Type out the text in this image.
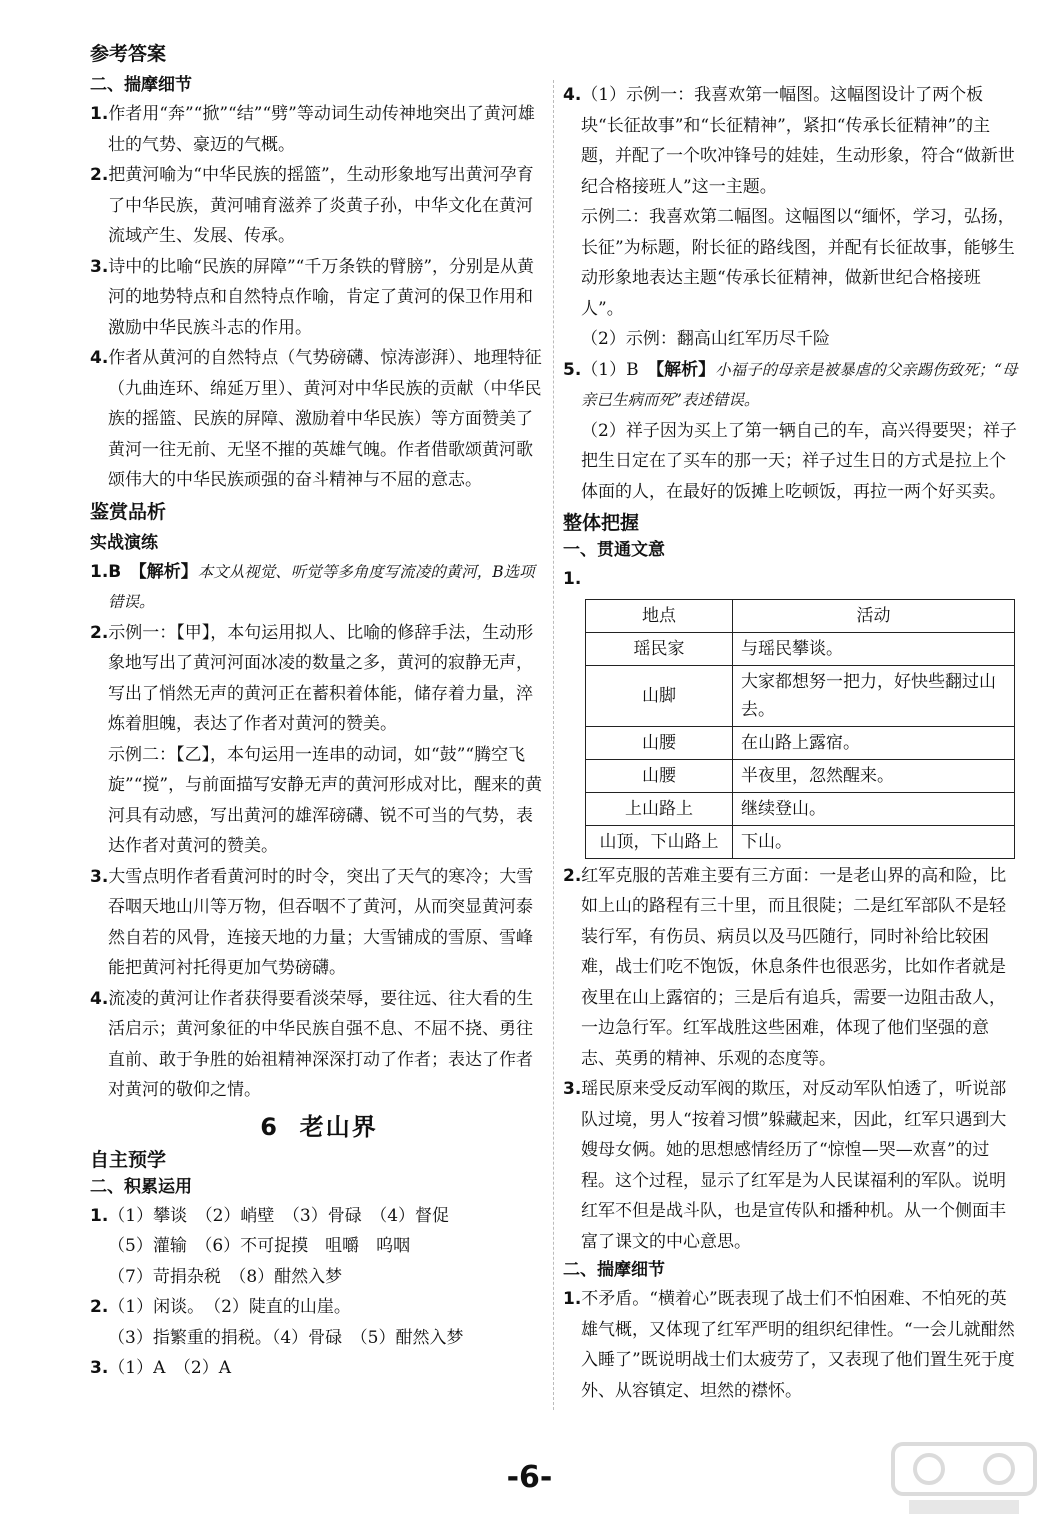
参考答案
二、揣摩细节

1.作者用“奔”“掀”“结”“劈”等动词生动传神地突出了黄河雄壮的气势、豪迈的气概。

2.把黄河喻为“中华民族的摇篮”，生动形象地写出黄河孕育了中华民族，黄河哺育滋养了炎黄子孙，中华文化在黄河流域产生、发展、传承。

3.诗中的比喻“民族的屏障”“千万条铁的臂膀”，分别是从黄河的地势特点和自然特点作喻，肯定了黄河的保卫作用和激励中华民族斗志的作用。

4.作者从黄河的自然特点（气势磅礴、惊涛澎湃）、地理特征（九曲连环、绵延万里）、黄河对中华民族的贡献（中华民族的摇篮、民族的屏障、激励着中华民族）等方面赞美了黄河一往无前、无坚不摧的英雄气魄。作者借歌颂黄河歌颂伟大的中华民族顽强的奋斗精神与不屈的意志。

鉴赏品析
实战演练

1.B　 【解析】本文从视觉、听觉等多角度写流凌的黄河，B选项错误。

2.示例一：【甲】，本句运用拟人、比喻的修辞手法，生动形象地写出了黄河河面冰凌的数量之多，黄河的寂静无声，写出了悄然无声的黄河正在蓄积着体能，储存着力量，淬炼着胆魄，表达了作者对黄河的赞美。

示例二：【乙】，本句运用一连串的动词，如“鼓”“腾空飞旋”“搅”，与前面描写安静无声的黄河形成对比，醒来的黄河具有动感，写出黄河的雄浑磅礴、锐不可当的气势，表达作者对黄河的赞美。

3.大雪点明作者看黄河时的时令，突出了天气的寒冷；大雪吞咽天地山川等万物，但吞咽不了黄河，从而突显黄河泰然自若的风骨，连接天地的力量；大雪铺成的雪原、雪峰能把黄河衬托得更加气势磅礴。

4.流凌的黄河让作者获得要看淡荣辱，要往远、往大看的生活启示；黄河象征的中华民族自强不息、不屈不挠、勇往直前、敢于争胜的始祖精神深深打动了作者；表达了作者对黄河的敬仰之情。

6  老山界
自主预学
二、积累运用

1.（1）攀谈　（2）峭壁　（3）骨碌　（4）督促

（5）灌输　（6）不可捉摸　咀嚼　呜咽

（7）苛捐杂税　（8）酣然入梦

2.（1）闲谈。　（2）陡直的山崖。

（3）指繁重的捐税。（4）骨碌　（5）酣然入梦

3.（1）A　（2）A

4.（1）示例一：我喜欢第一幅图。这幅图设计了两个板块“长征故事”和“长征精神”，紧扣“传承长征精神”的主题，并配了一个吹冲锋号的娃娃，生动形象，符合“做新世纪合格接班人”这一主题。

示例二：我喜欢第二幅图。这幅图以“缅怀，学习，弘扬，长征”为标题，附长征的路线图，并配有长征故事，能够生动形象地表达主题“传承长征精神，做新世纪合格接班人”。

（2）示例：翻高山红军历尽千险

5.（1）B　 【解析】小福子的母亲是被暴虐的父亲踢伤致死；“母亲已生病而死”表述错误。

（2）祥子因为买上了第一辆自己的车，高兴得要哭；祥子把生日定在了买车的那一天；祥子过生日的方式是拉上个体面的人，在最好的饭摊上吃顿饭，再拉一两个好买卖。

整体把握
一、贯通文意

1.

地点	活动
瑶民家	与瑶民攀谈。
山脚	大家都想努一把力，好快些翻过山去。
山腰	在山路上露宿。
山腰	半夜里，忽然醒来。
上山路上	继续登山。
山顶，下山路上	下山。

2.红军克服的苦难主要有三方面：一是老山界的高和险，比如上山的路程有三十里，而且很陡；二是红军部队不是轻装行军，有伤员、病员以及马匹随行，同时补给比较困难，战士们吃不饱饭，休息条件也很恶劣，比如作者就是夜里在山上露宿的；三是后有追兵，需要一边阻击敌人，一边急行军。红军战胜这些困难，体现了他们坚强的意志、英勇的精神、乐观的态度等。

3.瑶民原来受反动军阀的欺压，对反动军队怕透了，听说部队过境，男人“按着习惯”躲藏起来，因此，红军只遇到大嫂母女俩。她的思想感情经历了“惊惶—哭—欢喜”的过程。这个过程，显示了红军是为人民谋福利的军队。说明红军不但是战斗队，也是宣传队和播种机。从一个侧面丰富了课文的中心意思。

二、揣摩细节

1.不矛盾。“横着心”既表现了战士们不怕困难、不怕死的英雄气概，又体现了红军严明的组织纪律性。“一会儿就酣然入睡了”既说明战士们太疲劳了，又表现了他们置生死于度外、从容镇定、坦然的襟怀。

-6-
